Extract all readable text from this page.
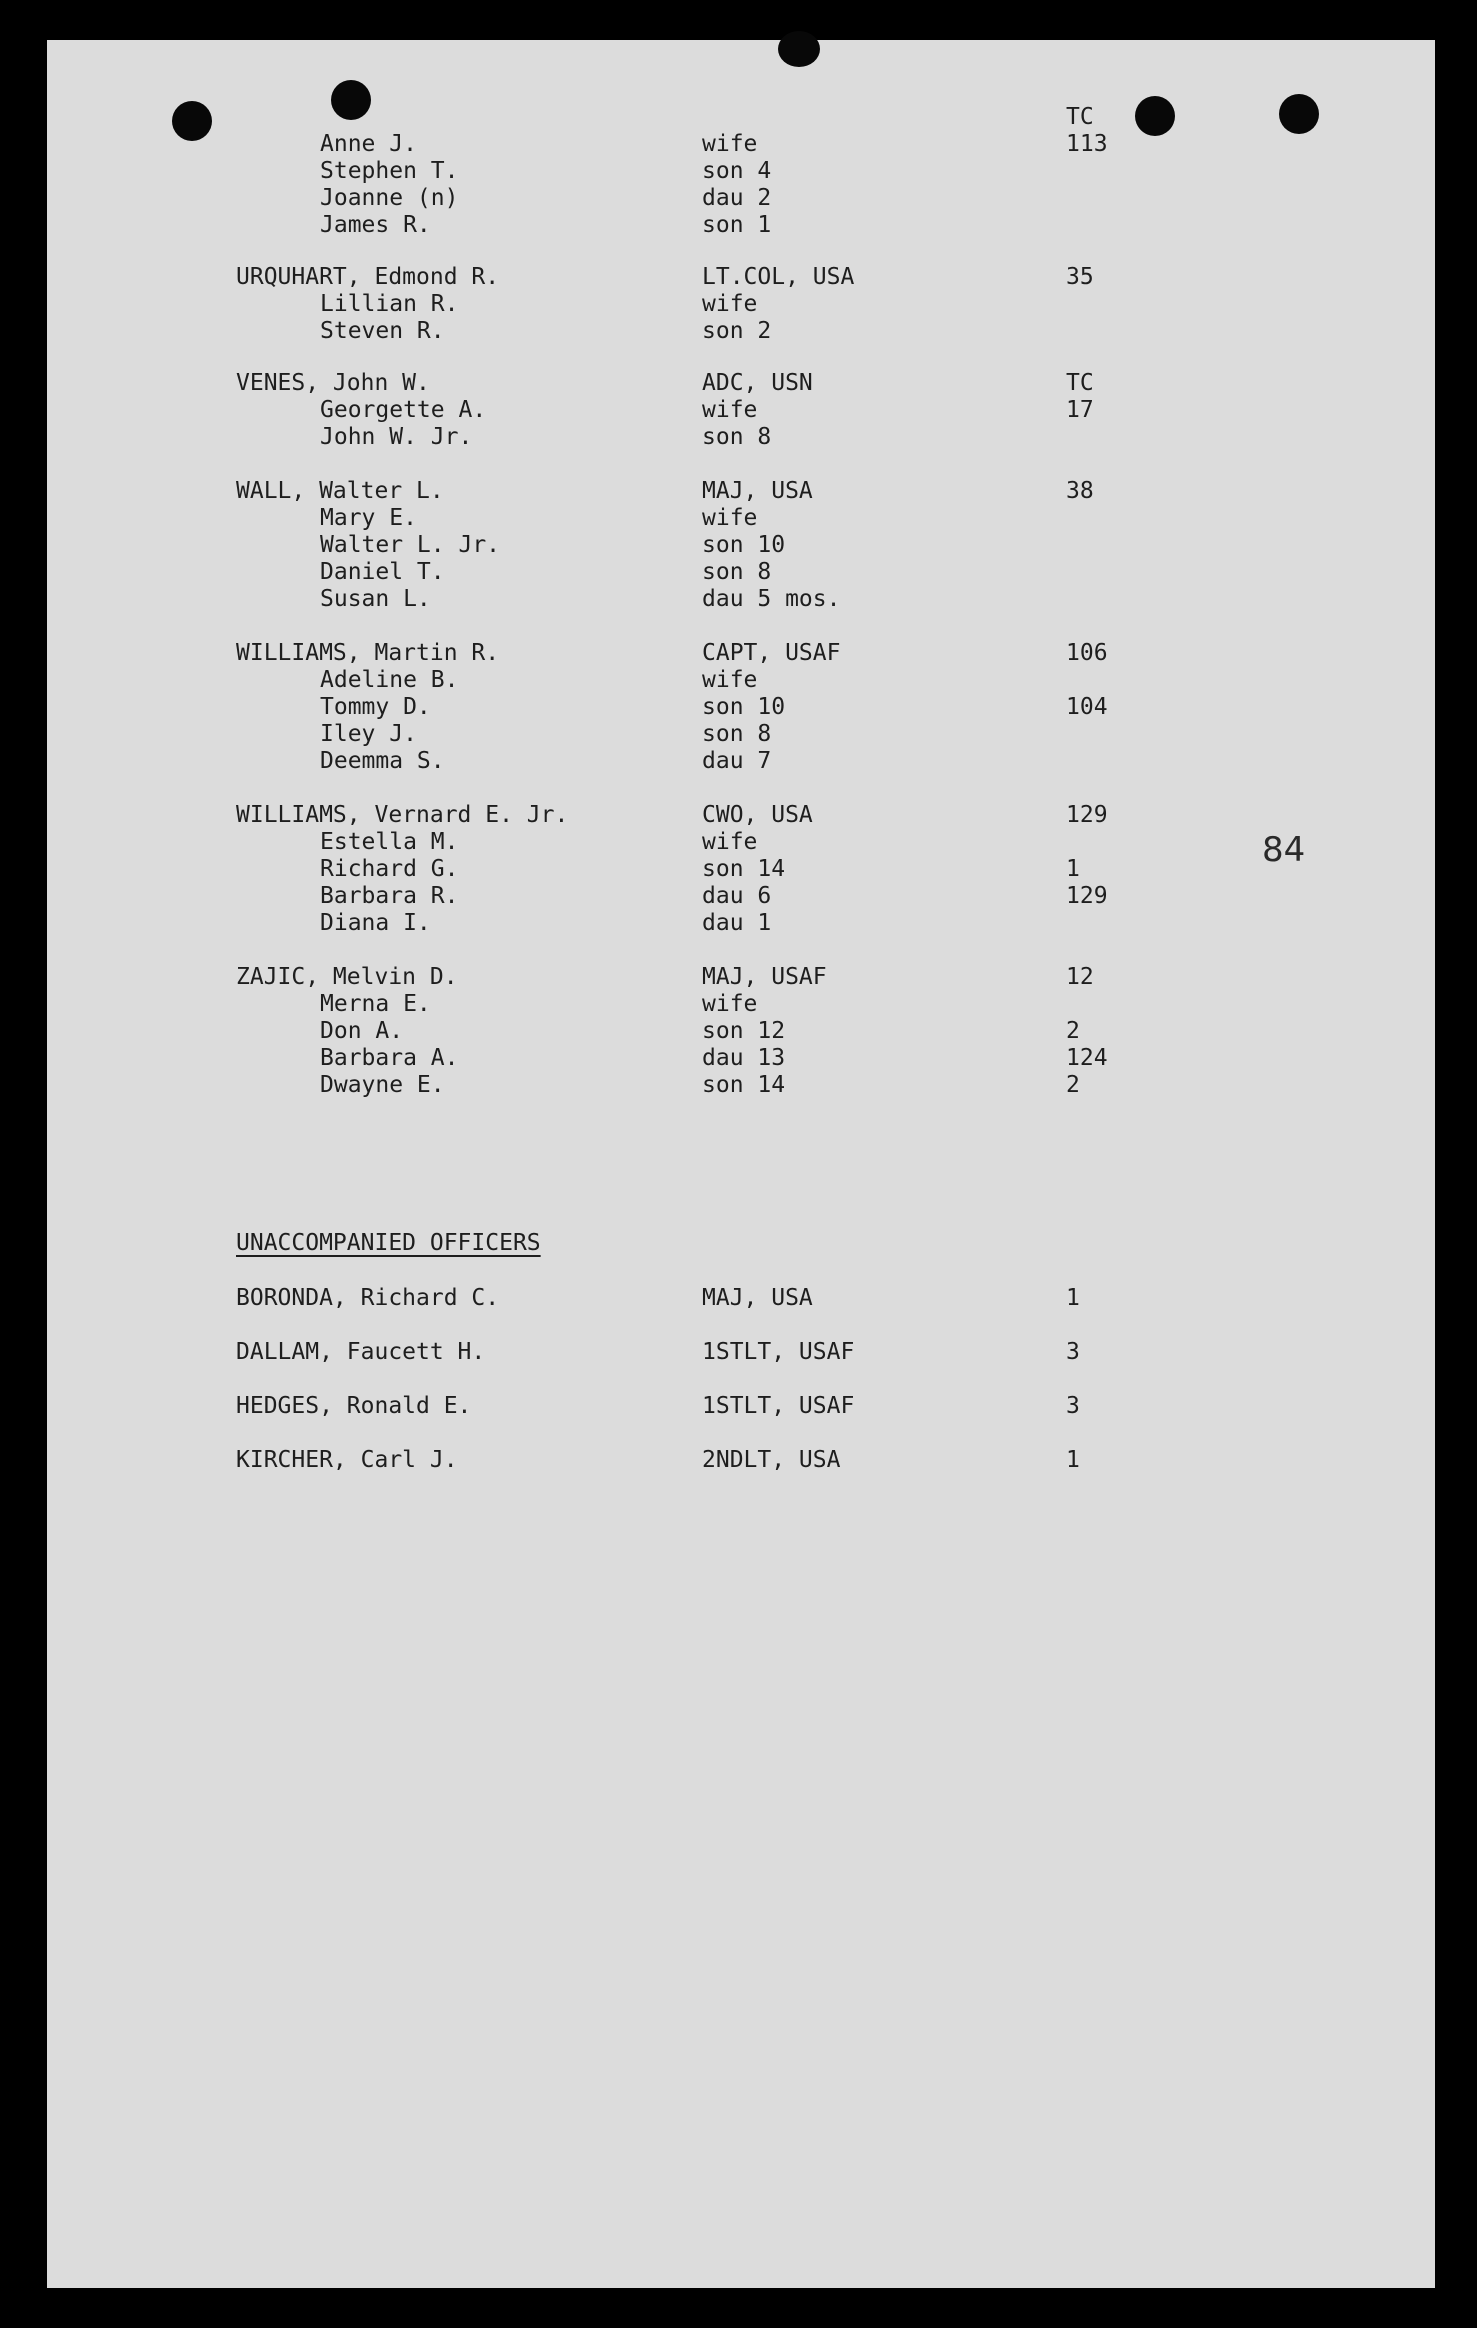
TC
Anne J.	wife	113
Stephen T.	son 4
Joanne (n)	dau 2
James R.	son 1
URQUHART, Edmond R.	LT.COL, USA	35
Lillian R.	wife
Steven R.	son 2
VENES, John W.	ADC, USN	TC
Georgette A.	wife	17
John W. Jr.	son 8
WALL, Walter L.	MAJ, USA	38
Mary E.	wife
Walter L. Jr.	son 10
Daniel T.	son 8
Susan L.	dau 5 mos.
WILLIAMS, Martin R.	CAPT, USAF	106
Adeline B.	wife
Tommy D.	son 10	104
Iley J.	son 8
Deemma S.	dau 7
WILLIAMS, Vernard E. Jr.	CWO, USA	129
Estella M.	wife
Richard G.	son 14	1
Barbara R.	dau 6	129
Diana I.	dau 1
ZAJIC, Melvin D.	MAJ, USAF	12
Merna E.	wife
Don A.	son 12	2
Barbara A.	dau 13	124
Dwayne E.	son 14	2
84
UNACCOMPANIED OFFICERS
BORONDA, Richard C.	MAJ, USA	1
DALLAM, Faucett H.	1STLT, USAF	3
HEDGES, Ronald E.	1STLT, USAF	3
KIRCHER, Carl J.	2NDLT, USA	1
